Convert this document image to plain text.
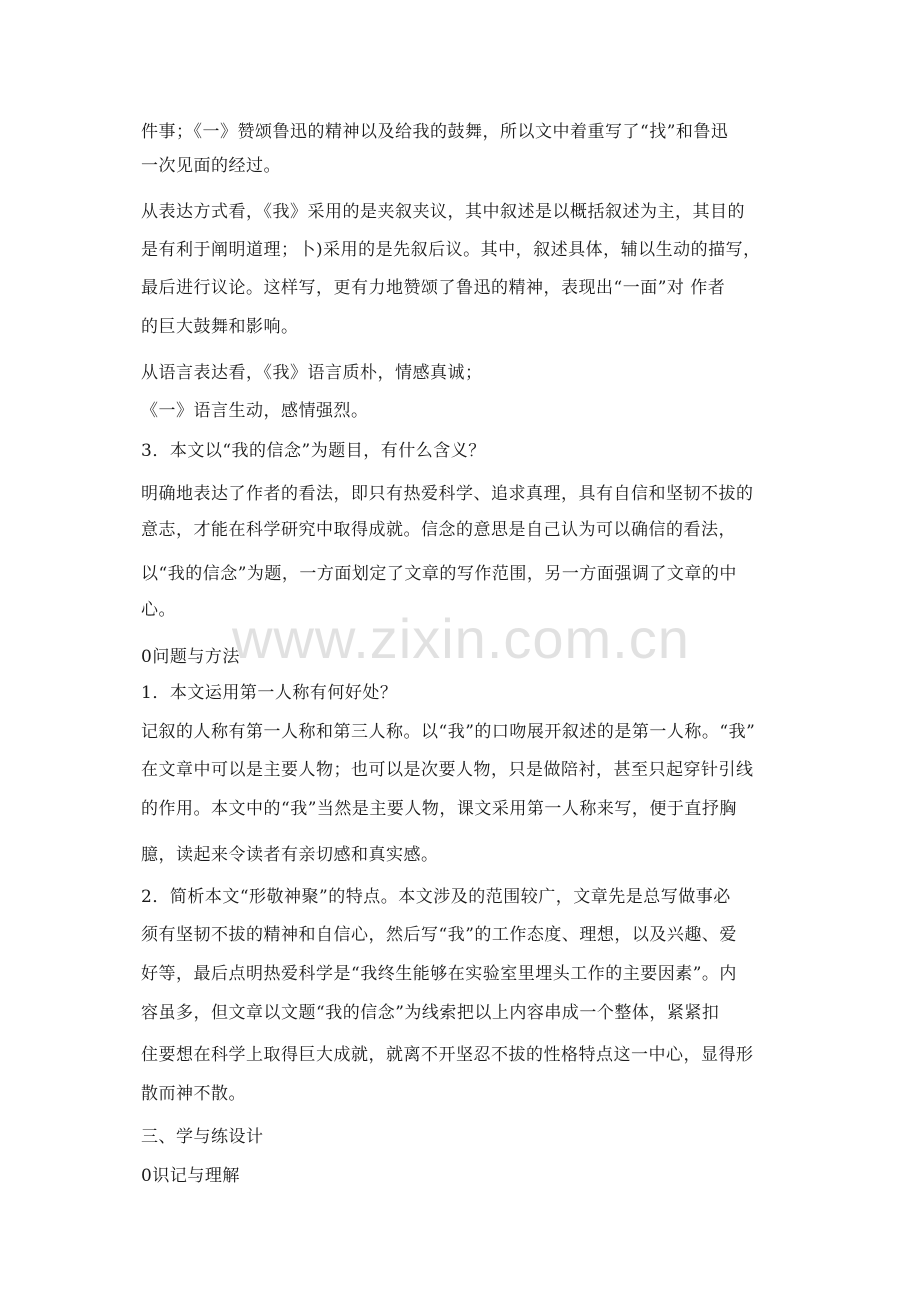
件事；《一》赞颂鲁迅的精神以及给我的鼓舞，所以文中着重写了“找”和鲁迅
一次见面的经过。
从表达方式看，《我》采用的是夹叙夹议，其中叙述是以概括叙述为主，其目的
是有利于阐明道理；卜)采用的是先叙后议。其中，叙述具体，辅以生动的描写，
最后进行议论。这样写，更有力地赞颂了鲁迅的精神，表现出“一面”对 作者
的巨大鼓舞和影响。
从语言表达看，《我》语言质朴，情感真诚；
《一》语言生动，感情强烈。
3．本文以“我的信念”为题目，有什么含义？
明确地表达了作者的看法，即只有热爱科学、追求真理，具有自信和坚韧不拔的
意志，才能在科学研究中取得成就。信念的意思是自己认为可以确信的看法，
以“我的信念”为题，一方面划定了文章的写作范围，另一方面强调了文章的中
心。
0问题与方法
1．本文运用第一人称有何好处？
记叙的人称有第一人称和第三人称。以“我”的口吻展开叙述的是第一人称。“我”
在文章中可以是主要人物；也可以是次要人物，只是做陪衬，甚至只起穿针引线
的作用。本文中的“我”当然是主要人物，课文采用第一人称来写，便于直抒胸
臆，读起来令读者有亲切感和真实感。
2．简析本文“形敬神聚”的特点。本文涉及的范围较广，文章先是总写做事必
须有坚韧不拔的精神和自信心，然后写“我”的工作态度、理想，以及兴趣、爱
好等，最后点明热爱科学是“我终生能够在实验室里埋头工作的主要因素”。内
容虽多，但文章以文题“我的信念”为线索把以上内容串成一个整体，紧紧扣
住要想在科学上取得巨大成就，就离不开坚忍不拔的性格特点这一中心，显得形
散而神不散。
三、学与练设计
0识记与理解
www.zixin.com.cn
